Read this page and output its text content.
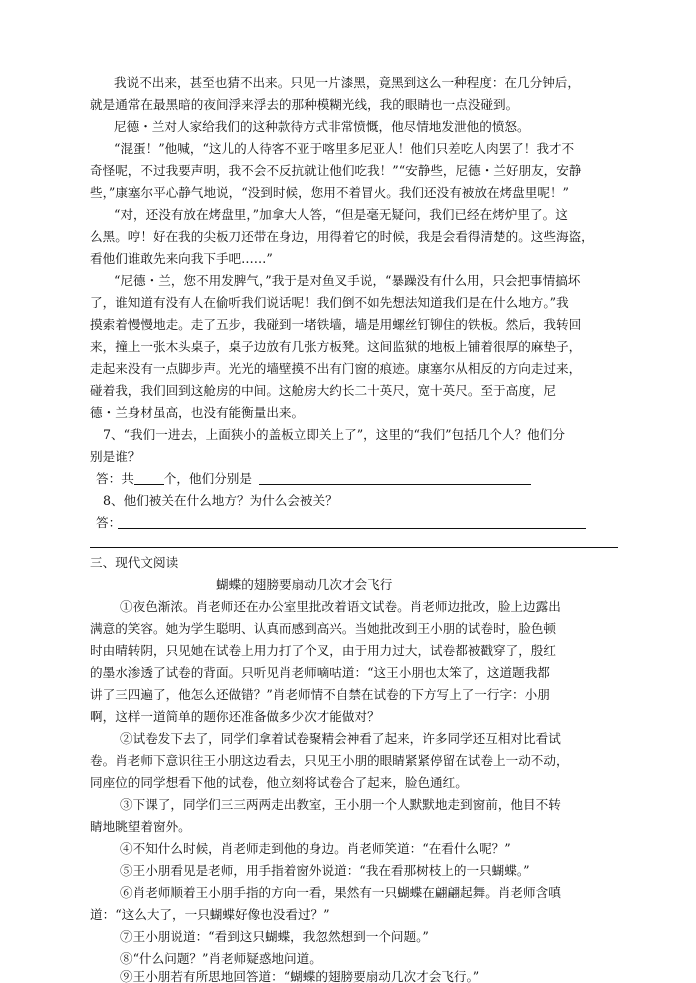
我说不出来，甚至也猜不出来。只见一片漆黑，竟黑到这么一种程度：在几分钟后，
就是通常在最黑暗的夜间浮来浮去的那种模糊光线，我的眼睛也一点没碰到。
尼德・兰对人家给我们的这种款待方式非常愤慨，他尽情地发泄他的愤怒。
“混蛋！”他喊，“这儿的人待客不亚于喀里多尼亚人！他们只差吃人肉罢了！我才不
奇怪呢，不过我要声明，我不会不反抗就让他们吃我！”“安静些，尼德・兰好朋友，安静
些，”康塞尔平心静气地说，“没到时候，您用不着冒火。我们还没有被放在烤盘里呢！”
“对，还没有放在烤盘里，”加拿大人答，“但是毫无疑问，我们已经在烤炉里了。这
么黑。哼！好在我的尖板刀还带在身边，用得着它的时候，我是会看得清楚的。这些海盗，
看他们谁敢先来向我下手吧……”
“尼德・兰，您不用发脾气，”我于是对鱼叉手说，“暴躁没有什么用，只会把事情搞坏
了，谁知道有没有人在偷听我们说话呢！我们倒不如先想法知道我们是在什么地方。”我
摸索着慢慢地走。走了五步，我碰到一堵铁墙，墙是用螺丝钉铆住的铁板。然后，我转回
来，撞上一张木头桌子，桌子边放有几张方板凳。这间监狱的地板上铺着很厚的麻垫子，
走起来没有一点脚步声。光光的墙壁摸不出有门窗的痕迹。康塞尔从相反的方向走过来，
碰着我，我们回到这舱房的中间。这舱房大约长二十英尺，宽十英尺。至于高度，尼
德・兰身材虽高，也没有能衡量出来。
7、“我们一进去，上面狭小的盖板立即关上了”，这里的“我们”包括几个人？他们分
别是谁？
答：共 个，他们分别是
8、他们被关在什么地方？为什么会被关？
答：
三、现代文阅读
蝴蝶的翅膀要扇动几次才会飞行
①夜色渐浓。肖老师还在办公室里批改着语文试卷。肖老师边批改，脸上边露出
满意的笑容。她为学生聪明、认真而感到高兴。当她批改到王小朋的试卷时，脸色顿
时由晴转阴，只见她在试卷上用力打了个叉，由于用力过大，试卷都被戳穿了，殷红
的墨水渗透了试卷的背面。只听见肖老师嘀咕道：“这王小朋也太笨了，这道题我都
讲了三四遍了，他怎么还做错？”肖老师情不自禁在试卷的下方写上了一行字：小朋
啊，这样一道简单的题你还准备做多少次才能做对？
②试卷发下去了，同学们拿着试卷聚精会神看了起来，许多同学还互相对比看试
卷。肖老师下意识往王小朋这边看去，只见王小朋的眼睛紧紧停留在试卷上一动不动，
同座位的同学想看下他的试卷，他立刻将试卷合了起来，脸色通红。
③下课了，同学们三三两两走出教室，王小朋一个人默默地走到窗前，他目不转
睛地眺望着窗外。
④不知什么时候，肖老师走到他的身边。肖老师笑道：“在看什么呢？”
⑤王小朋看见是老师，用手指着窗外说道：“我在看那树枝上的一只蝴蝶。”
⑥肖老师顺着王小朋手指的方向一看，果然有一只蝴蝶在翩翩起舞。肖老师含嗔
道：“这么大了，一只蝴蝶好像也没看过？”
⑦王小朋说道：“看到这只蝴蝶，我忽然想到一个问题。”
⑧“什么问题？”肖老师疑惑地问道。
⑨王小朋若有所思地回答道：“蝴蝶的翅膀要扇动几次才会飞行。”
